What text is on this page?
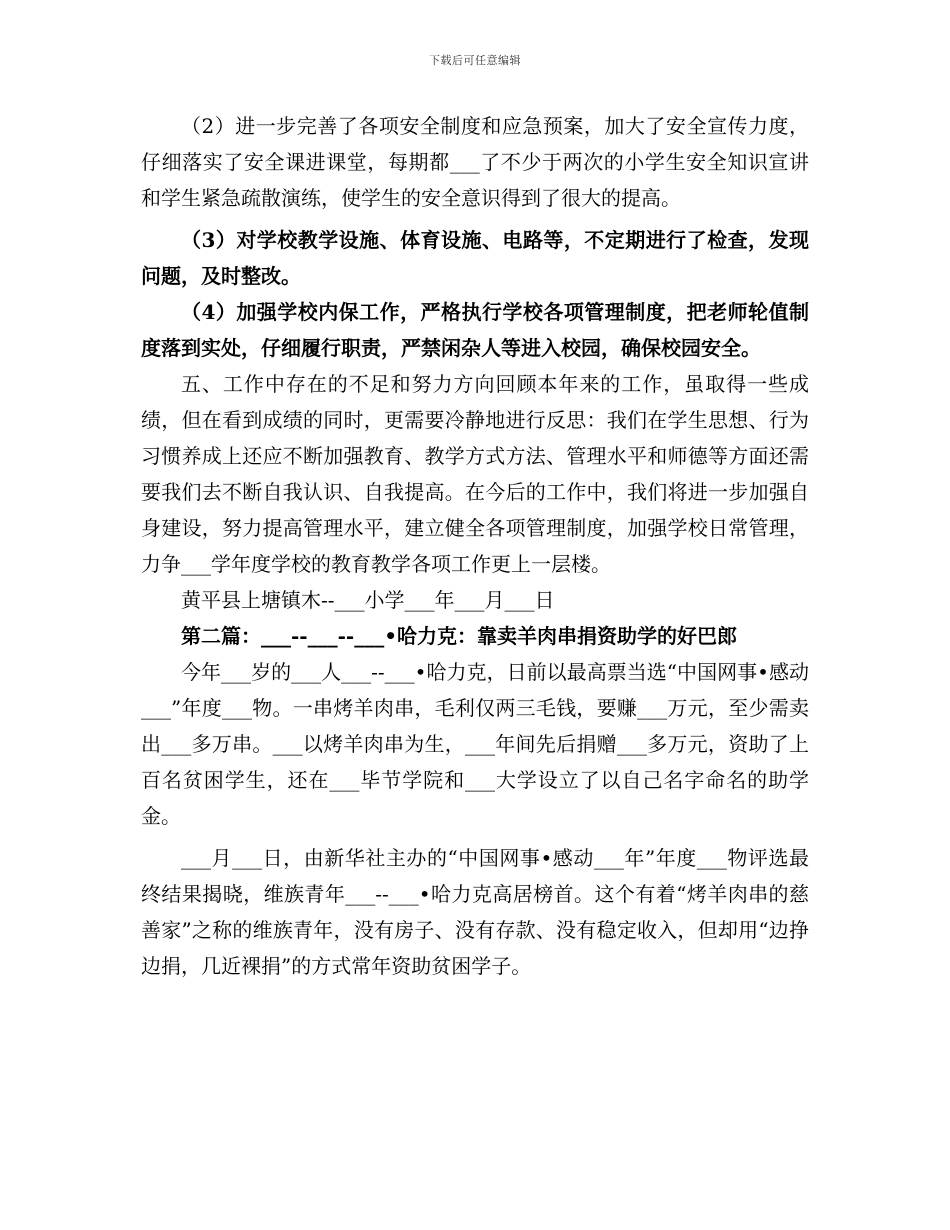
下载后可任意编辑

（2）进一步完善了各项安全制度和应急预案，加大了安全宣传力度，仔细落实了安全课进课堂，每期都___了不少于两次的小学生安全知识宣讲和学生紧急疏散演练，使学生的安全意识得到了很大的提高。

（3）对学校教学设施、体育设施、电路等，不定期进行了检查，发现问题，及时整改。

（4）加强学校内保工作，严格执行学校各项管理制度，把老师轮值制度落到实处，仔细履行职责，严禁闲杂人等进入校园，确保校园安全。

五、工作中存在的不足和努力方向回顾本年来的工作，虽取得一些成绩，但在看到成绩的同时，更需要冷静地进行反思：我们在学生思想、行为习惯养成上还应不断加强教育、教学方式方法、管理水平和师德等方面还需要我们去不断自我认识、自我提高。在今后的工作中，我们将进一步加强自身建设，努力提高管理水平，建立健全各项管理制度，加强学校日常管理，力争___学年度学校的教育教学各项工作更上一层楼。

黄平县上塘镇木--___小学___年___月___日

第二篇：___--___--___•哈力克：靠卖羊肉串捐资助学的好巴郎

今年___岁的___人___--___•哈力克，日前以最高票当选“中国网事•感动___”年度___物。一串烤羊肉串，毛利仅两三毛钱，要赚___万元，至少需卖出___多万串。___以烤羊肉串为生，___年间先后捐赠___多万元，资助了上百名贫困学生，还在___毕节学院和___大学设立了以自己名字命名的助学金。

___月___日，由新华社主办的“中国网事•感动___年”年度___物评选最终结果揭晓，维族青年___--___•哈力克高居榜首。这个有着“烤羊肉串的慈善家”之称的维族青年，没有房子、没有存款、没有稳定收入，但却用“边挣边捐，几近裸捐”的方式常年资助贫困学子。
